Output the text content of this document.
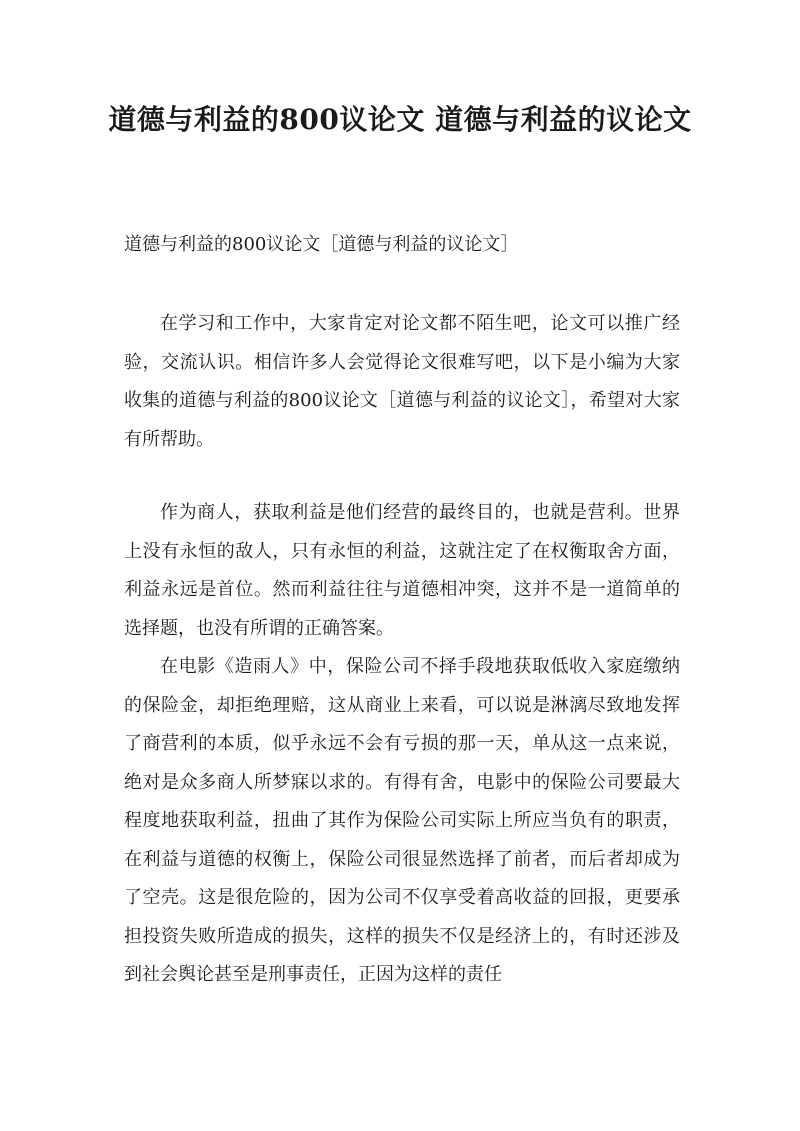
道德与利益的800议论文 道德与利益的议论文

道德与利益的800议论文［道德与利益的议论文］

在学习和工作中，大家肯定对论文都不陌生吧，论文可以推广经验，交流认识。相信许多人会觉得论文很难写吧，以下是小编为大家收集的道德与利益的800议论文［道德与利益的议论文］，希望对大家有所帮助。

作为商人，获取利益是他们经营的最终目的，也就是营利。世界上没有永恒的敌人，只有永恒的利益，这就注定了在权衡取舍方面，利益永远是首位。然而利益往往与道德相冲突，这并不是一道简单的选择题，也没有所谓的正确答案。

在电影《造雨人》中，保险公司不择手段地获取低收入家庭缴纳的保险金，却拒绝理赔，这从商业上来看，可以说是淋漓尽致地发挥了商营利的本质，似乎永远不会有亏损的那一天，单从这一点来说，绝对是众多商人所梦寐以求的。有得有舍，电影中的保险公司要最大程度地获取利益，扭曲了其作为保险公司实际上所应当负有的职责，在利益与道德的权衡上，保险公司很显然选择了前者，而后者却成为了空壳。这是很危险的，因为公司不仅享受着高收益的回报，更要承担投资失败所造成的损失，这样的损失不仅是经济上的，有时还涉及到社会舆论甚至是刑事责任，正因为这样的责任
